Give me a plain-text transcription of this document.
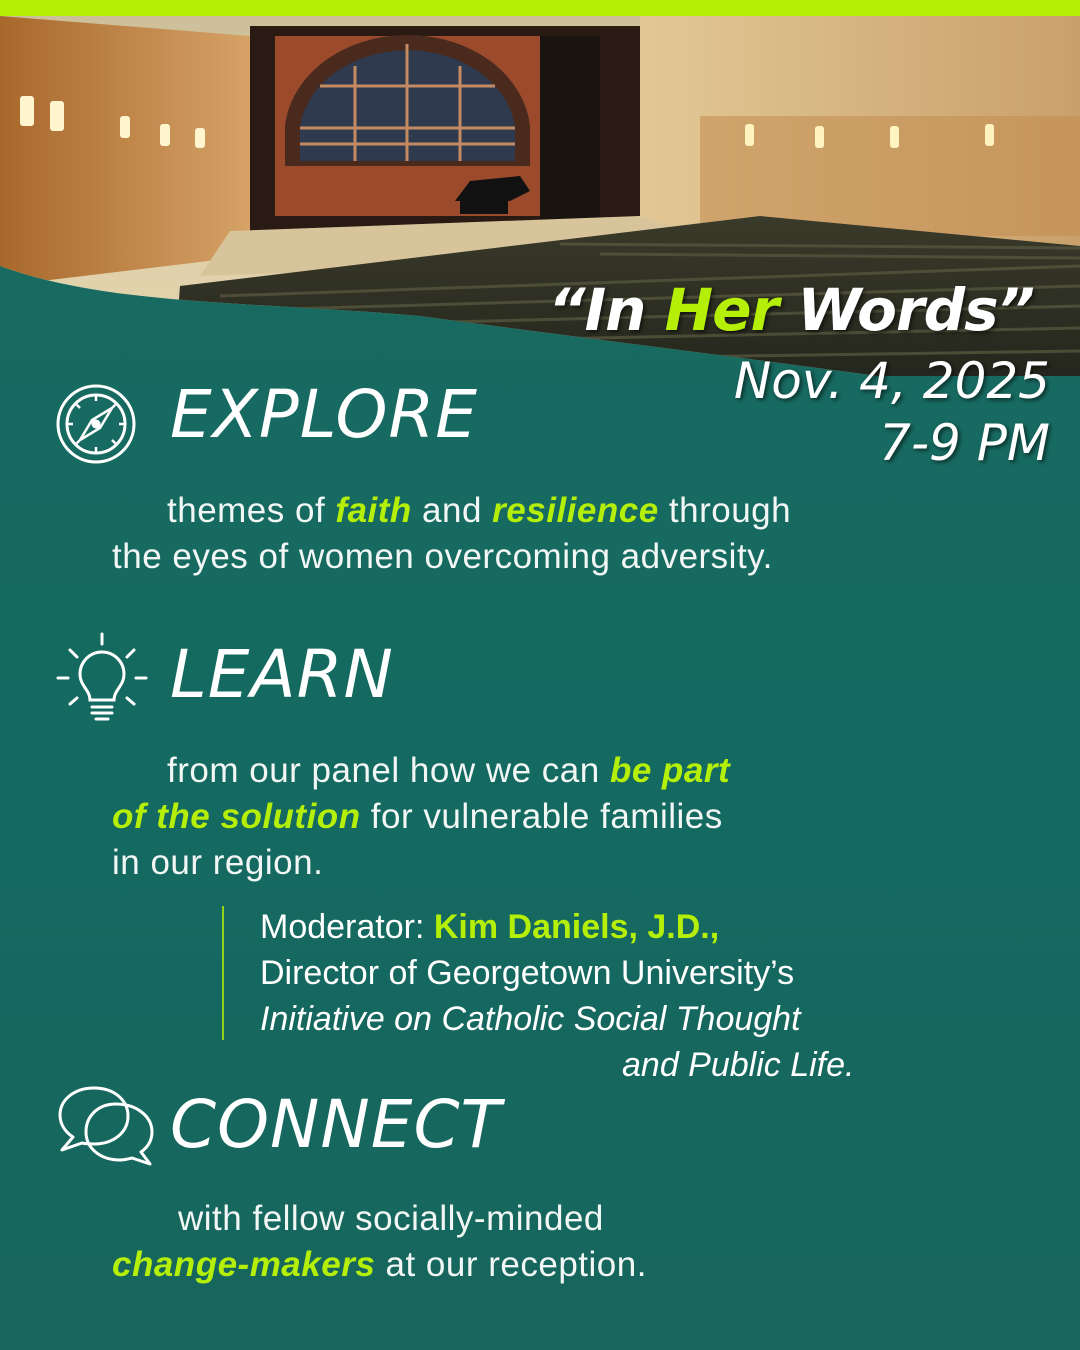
“In Her Words”
Nov. 4, 2025
7-9 PM
EXPLORE
themes of faith and resilience through
the eyes of women overcoming adversity.
LEARN
from our panel how we can be part
of the solution for vulnerable families
in our region.
Moderator: Kim Daniels, J.D.,
Director of Georgetown University’s
Initiative on Catholic Social Thought
and Public Life.
CONNECT
with fellow socially-minded
change-makers at our reception.
